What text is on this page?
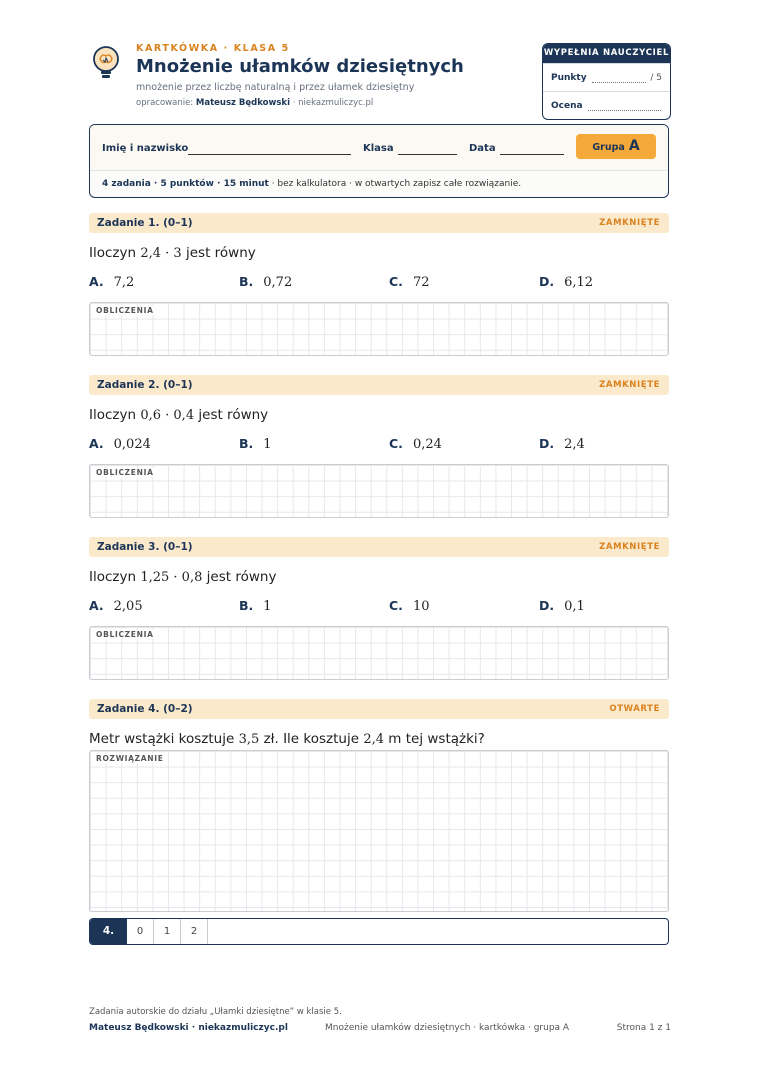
KARTKÓWKA · KLASA 5
Mnożenie ułamków dziesiętnych
mnożenie przez liczbę naturalną i przez ułamek dziesiętny
opracowanie: Mateusz Będkowski · niekazmuliczyc.pl
WYPEŁNIA NAUCZYCIEL
Punkty	/ 5
Ocena
Imię i nazwisko	Klasa	Data	Grupa A
4 zadania · 5 punktów · 15 minut · bez kalkulatora · w otwartych zapisz całe rozwiązanie.
Zadanie 1. (0–1)	ZAMKNIĘTE
Iloczyn 2,4 · 3 jest równy
A. 7,2	B. 0,72	C. 72	D. 6,12
OBLICZENIA
Zadanie 2. (0–1)	ZAMKNIĘTE
Iloczyn 0,6 · 0,4 jest równy
A. 0,024	B. 1	C. 0,24	D. 2,4
OBLICZENIA
Zadanie 3. (0–1)	ZAMKNIĘTE
Iloczyn 1,25 · 0,8 jest równy
A. 2,05	B. 1	C. 10	D. 0,1
OBLICZENIA
Zadanie 4. (0–2)	OTWARTE
Metr wstążki kosztuje 3,5 zł. Ile kosztuje 2,4 m tej wstążki?
ROZWIĄZANIE
4.	0	1	2
Zadania autorskie do działu „Ułamki dziesiętne” w klasie 5.
Mateusz Będkowski · niekazmuliczyc.pl	Mnożenie ułamków dziesiętnych · kartkówka · grupa A	Strona 1 z 1
